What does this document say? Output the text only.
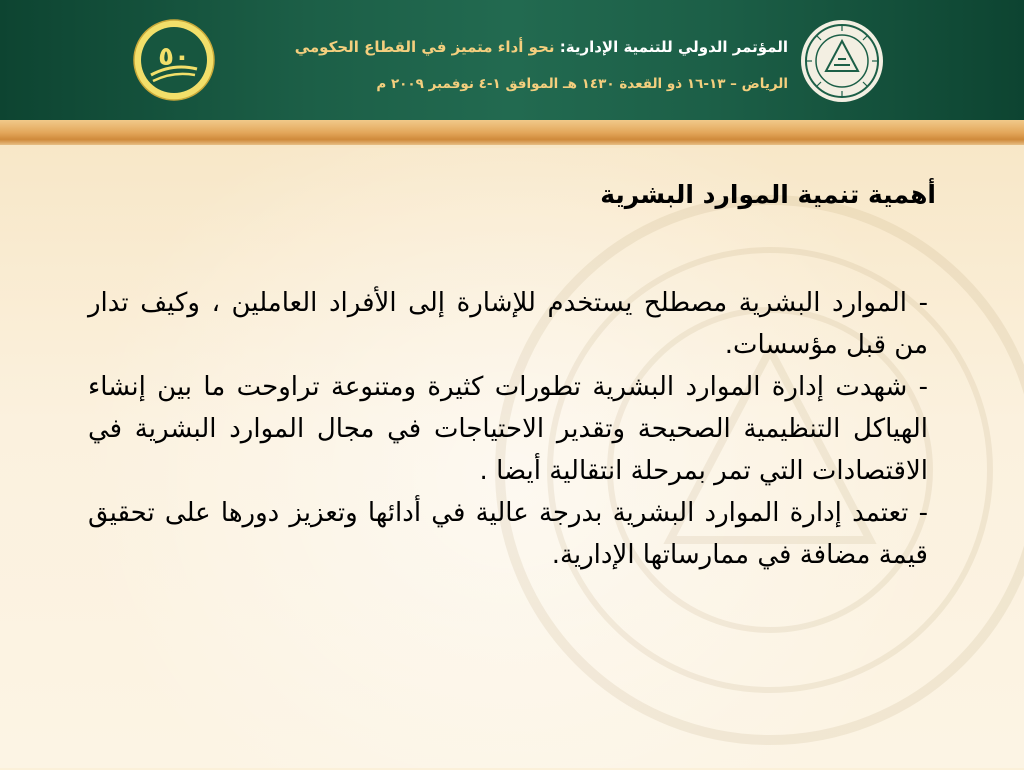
٥٠	المؤتمر الدولي للتنمية الإدارية: نحو أداء متميز في القطاع الحكومي
الرياض – ١٣-١٦ ذو القعدة ١٤٣٠ هـ الموافق ١-٤ نوفمبر ٢٠٠٩ م
أهمية تنمية الموارد البشرية

- الموارد البشرية مصطلح يستخدم للإشارة إلى الأفراد العاملين ، وكيف تدار من قبل مؤسسات.

- شهدت إدارة الموارد البشرية تطورات كثيرة ومتنوعة تراوحت ما بين إنشاء الهياكل التنظيمية الصحيحة وتقدير الاحتياجات في مجال الموارد البشرية في الاقتصادات التي تمر بمرحلة انتقالية أيضا .

- تعتمد إدارة الموارد البشرية بدرجة عالية في أدائها وتعزيز دورها على تحقيق قيمة مضافة في ممارساتها الإدارية.
